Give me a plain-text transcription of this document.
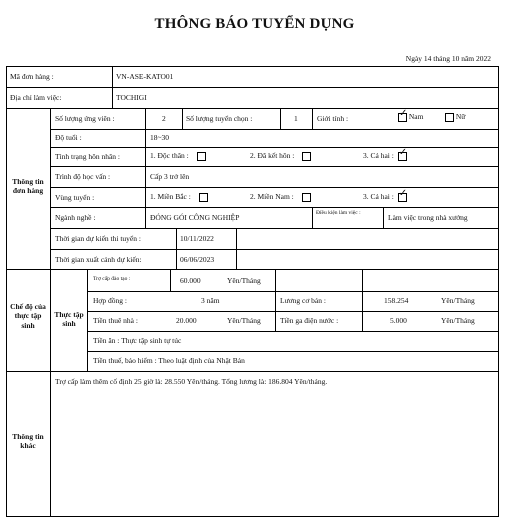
THÔNG BÁO TUYỂN DỤNG
Ngày 14 tháng 10 năm 2022
Mã đơn hàng :	VN-ASE-KATO01
Địa chỉ làm việc:	TOCHIGI
Thông tin đơn hàng
Số lượng ứng viên :	2	Số lượng tuyển chọn :	1	Giới tính :
✓	Nam	Nữ
Độ tuổi :	18~30
Tình trạng hôn nhân :	1. Độc thân :	2. Đã kết hôn :	3. Cả hai : ✓
Trình độ học vấn :	Cấp 3 trở lên
Vùng tuyển :	1. Miền Bắc :	2. Miền Nam :	3. Cả hai : ✓
Ngành nghề :	ĐÓNG GÓI CÔNG NGHIỆP	Điều kiện làm việc :	Làm việc trong nhà xưởng
Thời gian dự kiến thi tuyển :	10/11/2022
Thời gian xuất cảnh dự kiến:	06/06/2023
Chế độ của thực tập sinh
Thực tập sinh
Trợ cấp đào tạo :	60.000	Yên/Tháng
Hợp đồng :	3 năm	Lương cơ bản :	158.254	Yên/Tháng
Tiền thuê nhà :	20.000	Yên/Tháng	Tiền ga điện nước :	5.000	Yên/Tháng
Tiền ăn : Thực tập sinh tự túc
Tiền thuế, bảo hiểm : Theo luật định của Nhật Bản
Thông tin khác
Trợ cấp làm thêm cố định 25 giờ là: 28.550 Yên/tháng. Tổng lương là: 186.804 Yên/tháng.
